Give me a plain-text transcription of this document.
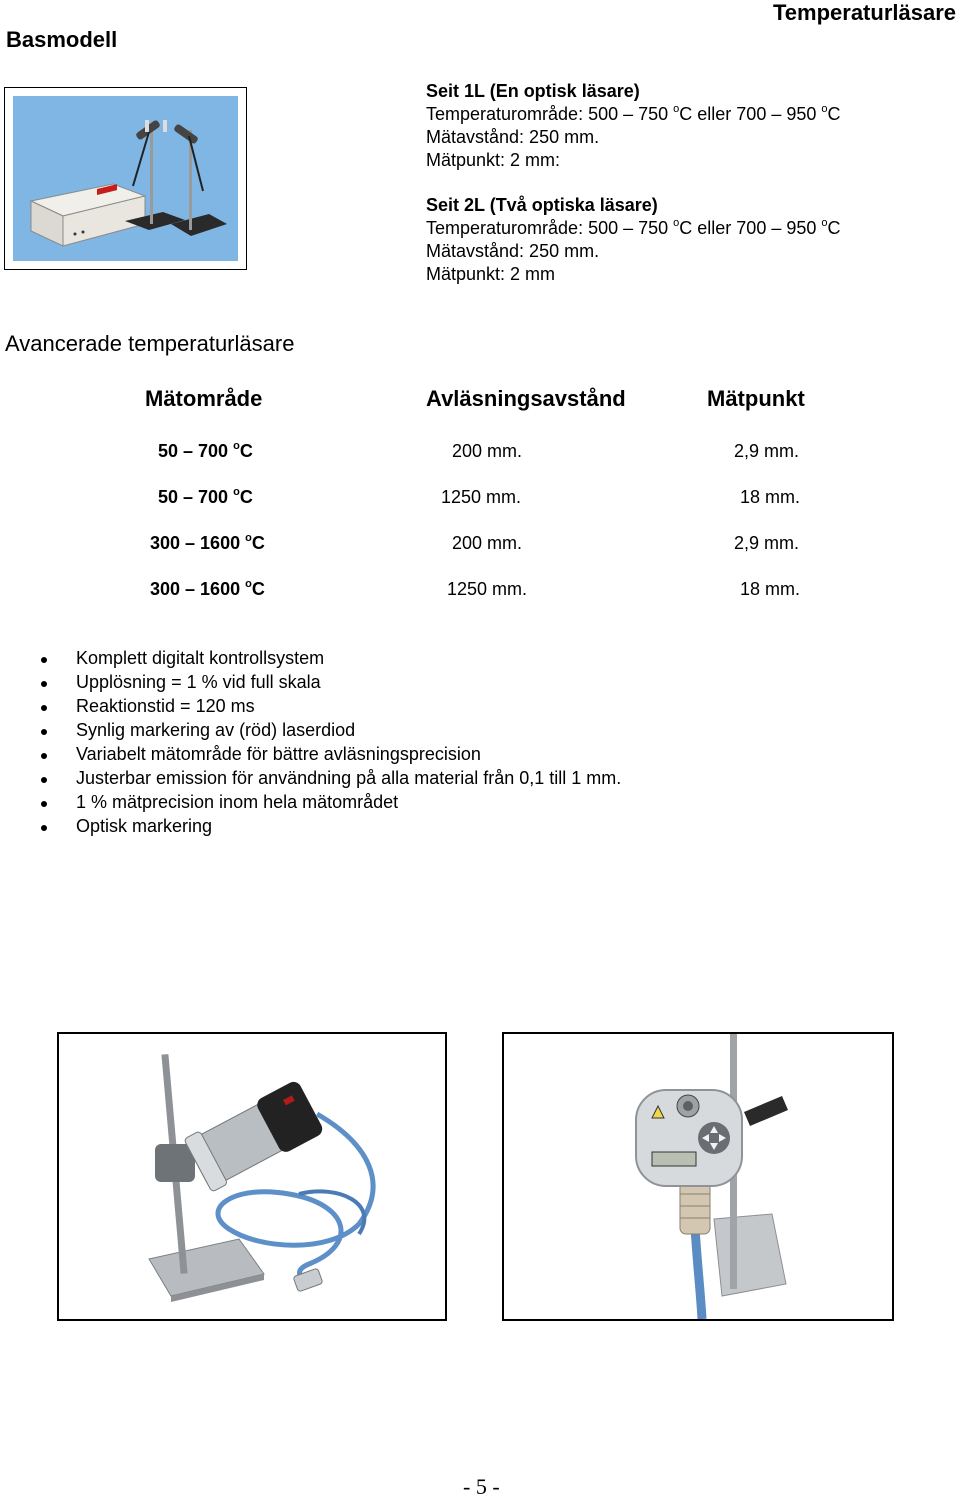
Temperaturläsare
Basmodell
Seit 1L (En optisk läsare)
Temperaturområde: 500 – 750 $^o$C eller 700 – 950 $^o$C
Mätavstånd: 250 mm.
Mätpunkt: 2 mm:
Seit 2L (Två optiska läsare)
Temperaturområde: 500 – 750 $^o$C eller 700 – 950 $^o$C
Mätavstånd: 250 mm.
Mätpunkt: 2 mm
Avancerade temperaturläsare
Mätområde	Avläsningsavstånd	Mätpunkt
50 – 700 $^o$C	200 mm.	2,9 mm.
50 – 700 $^o$C	1250 mm.	18 mm.
300 – 1600 $^o$C	200 mm.	2,9 mm.
300 – 1600 $^o$C	1250 mm.	18 mm.
Komplett digitalt kontrollsystem
Upplösning = 1 % vid full skala
Reaktionstid = 120 ms
Synlig markering av (röd) laserdiod
Variabelt mätområde för bättre avläsningsprecision
Justerbar emission för användning på alla material från 0,1 till 1 mm.
1 % mätprecision inom hela mätområdet
Optisk markering
- 5 -
